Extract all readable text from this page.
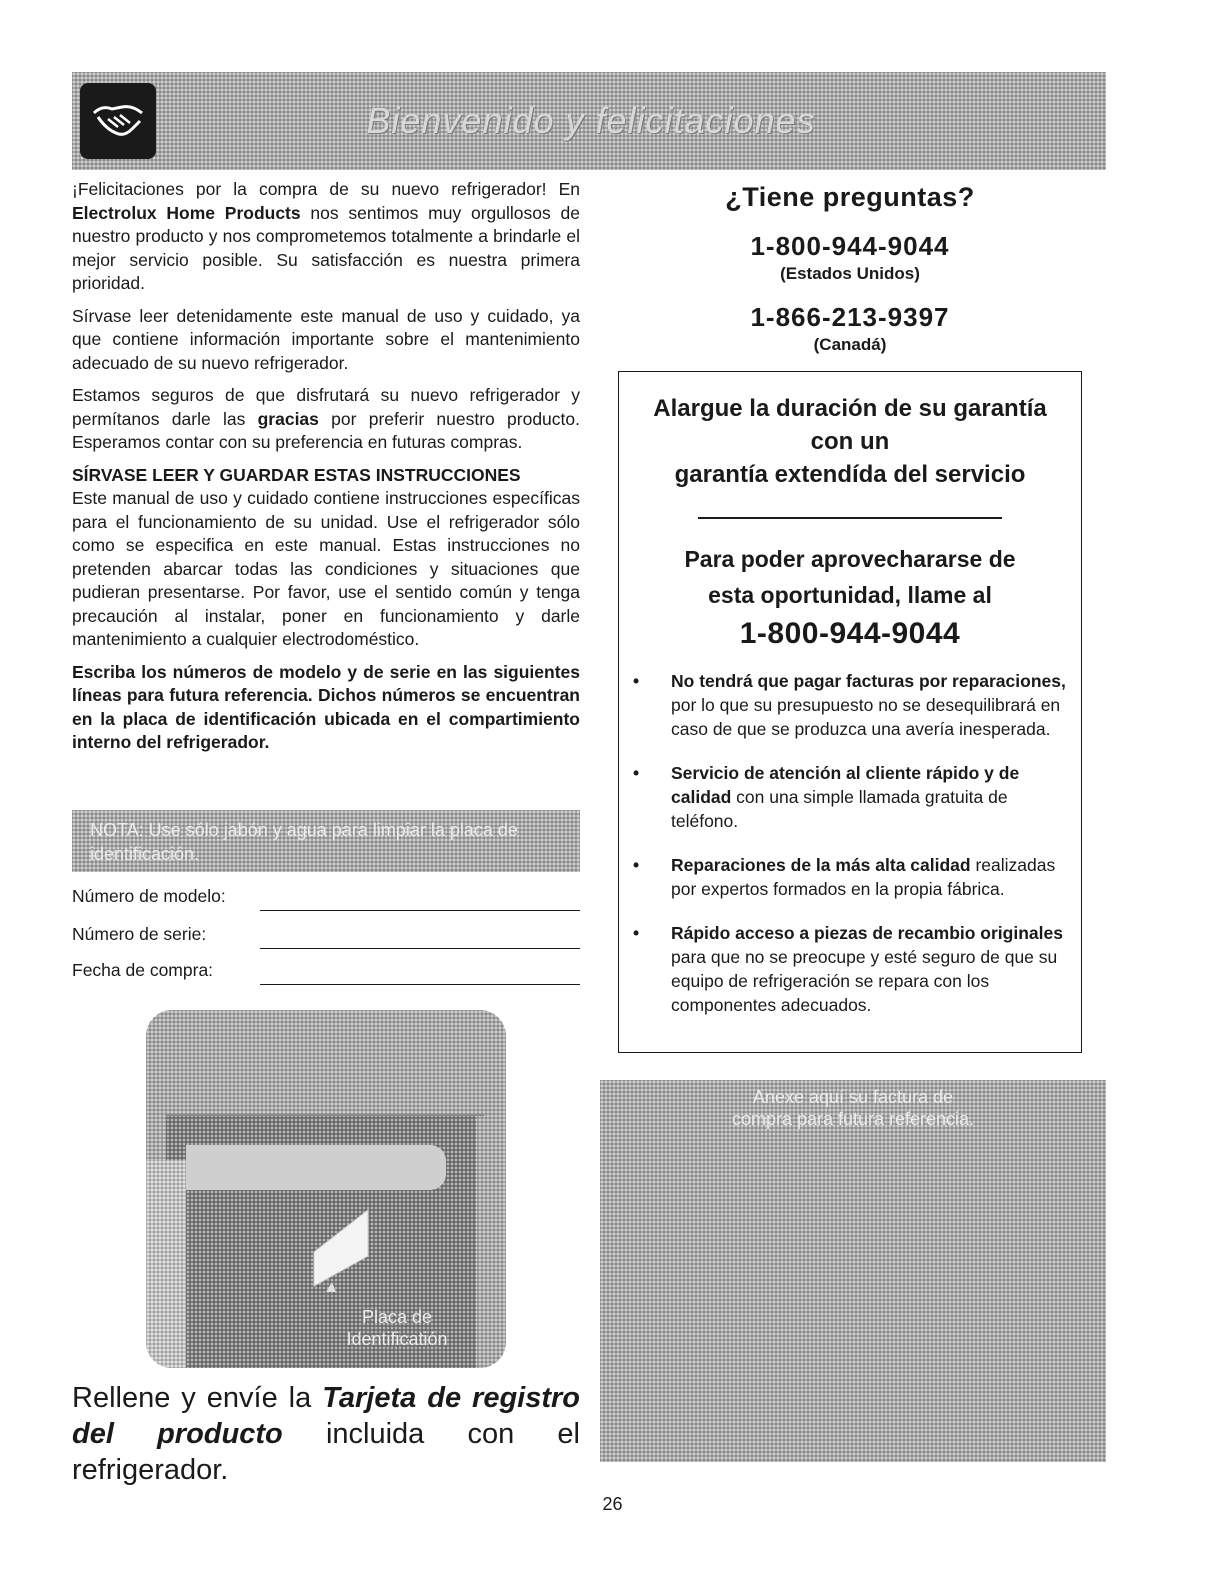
Bienvenido y felicitaciones

¡Felicitaciones por la compra de su nuevo refrigerador! En Electrolux Home Products nos sentimos muy orgullosos de nuestro producto y nos comprometemos totalmente a brindarle el mejor servicio posible. Su satisfacción es nuestra primera prioridad.

Sírvase leer detenidamente este manual de uso y cuidado, ya que contiene información importante sobre el mantenimiento adecuado de su nuevo refrigerador.

Estamos seguros de que disfrutará su nuevo refrigerador y permítanos darle las gracias por preferir nuestro producto. Esperamos contar con su preferencia en futuras compras.

SÍRVASE LEER Y GUARDAR ESTAS INSTRUCCIONES

Este manual de uso y cuidado contiene instrucciones específicas para el funcionamiento de su unidad. Use el refrigerador sólo como se especifica en este manual. Estas instrucciones no pretenden abarcar todas las condiciones y situaciones que pudieran presentarse. Por favor, use el sentido común y tenga precaución al instalar, poner en funcionamiento y darle mantenimiento a cualquier electrodoméstico.

Escriba los números de modelo y de serie en las siguientes líneas para futura referencia. Dichos números se encuentran en la placa de identificación ubicada en el compartimiento interno del refrigerador.

NOTA: Use sólo jabón y agua para limpiar la placa de identificación.
Número de modelo:
Número de serie:
Fecha de compra:
Placa de
Identificatión
Rellene y envíe la Tarjeta de registro del producto incluida con el refrigerador.
¿Tiene preguntas?
1-800-944-9044
(Estados Unidos)
1-866-213-9397
(Canadá)
Alargue la duración de su garantía
con un
garantía extendída del servicio
Para poder aprovechararse de
esta oportunidad, llame al
1-800-944-9044
• No tendrá que pagar facturas por reparaciones, por lo que su presupuesto no se desequilibrará en caso de que se produzca una avería inesperada.
• Servicio de atención al cliente rápido y de calidad con una simple llamada gratuita de teléfono.
• Reparaciones de la más alta calidad realizadas por expertos formados en la propia fábrica.
• Rápido acceso a piezas de recambio originales para que no se preocupe y esté seguro de que su equipo de refrigeración se repara con los componentes adecuados.
Anexe aquí su factura de
compra para futura referencia.
26
